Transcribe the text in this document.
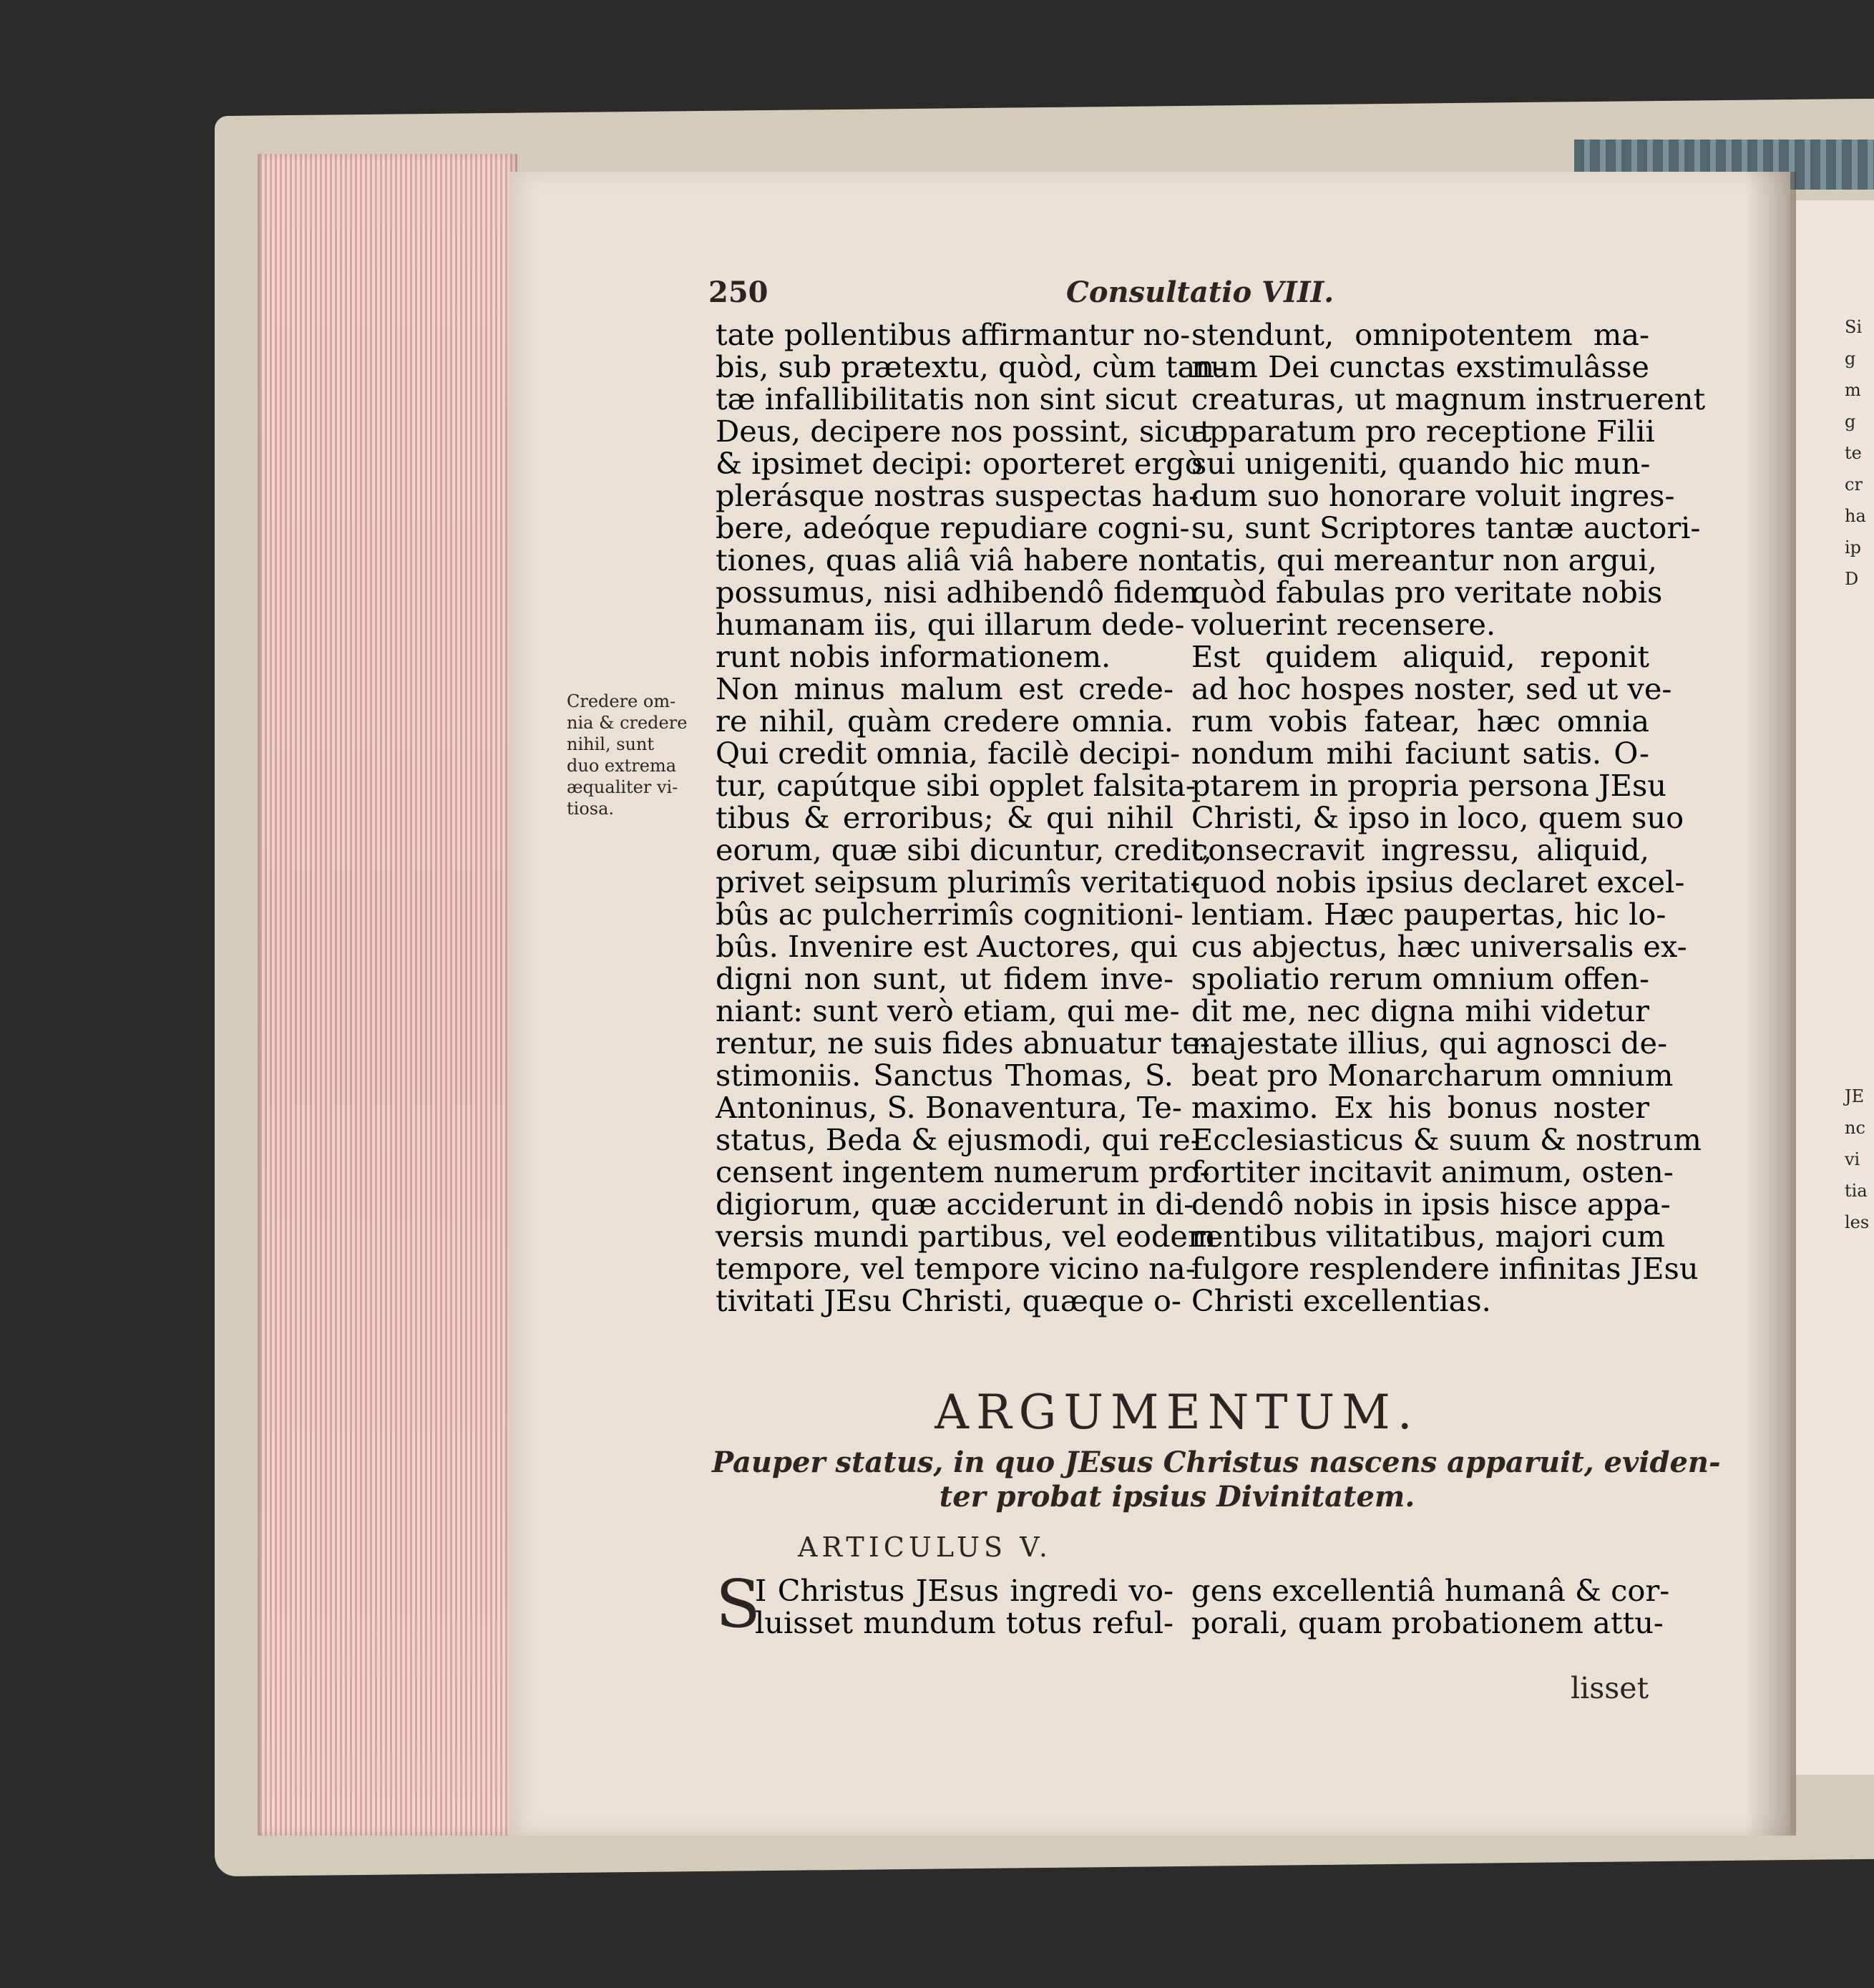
250	Consultatio VIII.
tate pollentibus affirmantur no-
bis, sub prætextu, quòd, cùm tan-
tæ infallibilitatis non sint sicut
Deus, decipere nos possint, sicut
& ipsimet decipi: oporteret ergò
plerásque nostras suspectas ha-
bere, adeóque repudiare cogni-
tiones, quas aliâ viâ habere non
possumus, nisi adhibendô fidem
humanam iis, qui illarum dede-
runt nobis informationem.
Non minus malum est crede-
re nihil, quàm credere omnia.
Qui credit omnia, facilè decipi-
tur, capútque sibi opplet falsita-
tibus & erroribus; & qui nihil
eorum, quæ sibi dicuntur, credit,
privet seipsum plurimîs veritati-
bûs ac pulcherrimîs cognitioni-
bûs. Invenire est Auctores, qui
digni non sunt, ut fidem inve-
niant: sunt verò etiam, qui me-
rentur, ne suis fides abnuatur te-
stimoniis. Sanctus Thomas, S.
Antoninus, S. Bonaventura, Te-
status, Beda & ejusmodi, qui re-
censent ingentem numerum pro-
digiorum, quæ acciderunt in di-
versis mundi partibus, vel eodem
tempore, vel tempore vicino na-
tivitati JEsu Christi, quæque o-
stendunt, omnipotentem ma-
num Dei cunctas exstimulâsse
creaturas, ut magnum instruerent
apparatum pro receptione Filii
sui unigeniti, quando hic mun-
dum suo honorare voluit ingres-
su, sunt Scriptores tantæ auctori-
tatis, qui mereantur non argui,
quòd fabulas pro veritate nobis
voluerint recensere.
Est quidem aliquid, reponit
ad hoc hospes noster, sed ut ve-
rum vobis fatear, hæc omnia
nondum mihi faciunt satis. O-
ptarem in propria persona JEsu
Christi, & ipso in loco, quem suo
consecravit ingressu, aliquid,
quod nobis ipsius declaret excel-
lentiam. Hæc paupertas, hic lo-
cus abjectus, hæc universalis ex-
spoliatio rerum omnium offen-
dit me, nec digna mihi videtur
majestate illius, qui agnosci de-
beat pro Monarcharum omnium
maximo. Ex his bonus noster
Ecclesiasticus & suum & nostrum
fortiter incitavit animum, osten-
dendô nobis in ipsis hisce appa-
rentibus vilitatibus, majori cum
fulgore resplendere infinitas JEsu
Christi excellentias.
Credere om-
nia & credere
nihil, sunt
duo extrema
æqualiter vi-
tiosa.
ARGUMENTUM.
Pauper status, in quo JEsus Christus nascens apparuit, eviden-
ter probat ipsius Divinitatem.
ARTICULUS V.
S
I Christus JEsus ingredi vo-
luisset mundum totus reful-
gens excellentiâ humanâ & cor-
porali, quam probationem attu-
lisset
Si
g
m
g
te
cr
ha
ip
D
JE
nc
vi
tia
les
